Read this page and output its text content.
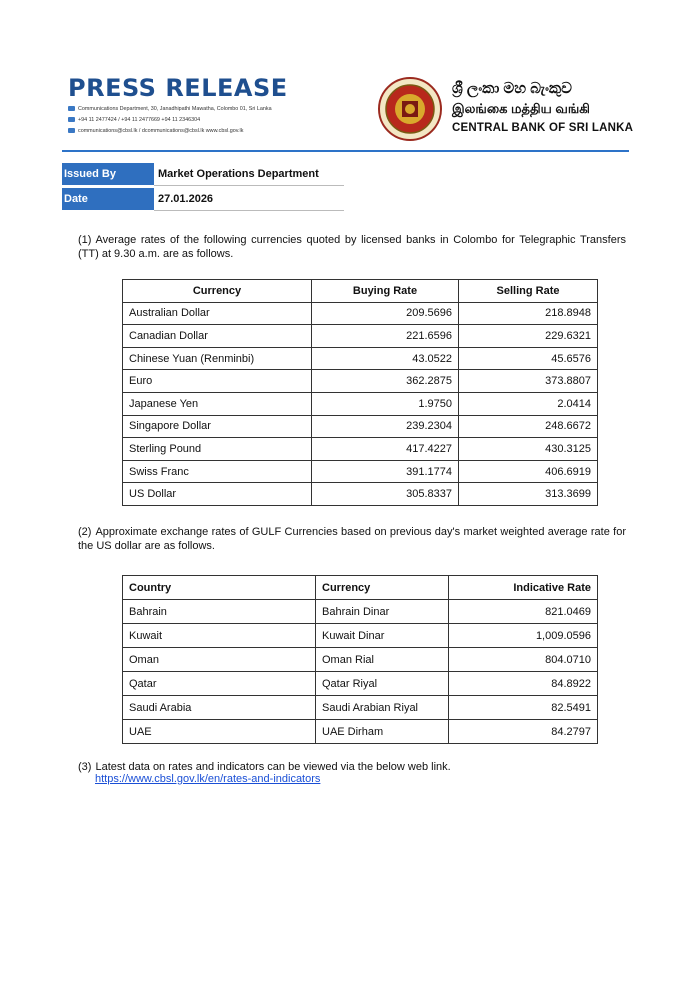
PRESS RELEASE
Communications Department, 30, Janadhipathi Mawatha, Colombo 01, Sri Lanka
+94 11 2477424 / +94 11 2477669 +94 11 2346304
communications@cbsl.lk / dcommunications@cbsl.lk www.cbsl.gov.lk
ශ්‍රී ලංකා මහ බැංකුව
இலங்கை மத்திய வங்கி
CENTRAL BANK OF SRI LANKA
Issued By	Market Operations Department
Date	27.01.2026
(1) Average rates of the following currencies quoted by licensed banks in Colombo for Telegraphic Transfers (TT) at 9.30 a.m. are as follows.
Currency	Buying Rate	Selling Rate
Australian Dollar	209.5696	218.8948
Canadian Dollar	221.6596	229.6321
Chinese Yuan (Renminbi)	43.0522	45.6576
Euro	362.2875	373.8807
Japanese Yen	1.9750	2.0414
Singapore Dollar	239.2304	248.6672
Sterling Pound	417.4227	430.3125
Swiss Franc	391.1774	406.6919
US Dollar	305.8337	313.3699
(2) Approximate exchange rates of GULF Currencies based on previous day's market weighted average rate for the US dollar are as follows.
Country	Currency	Indicative Rate
Bahrain	Bahrain Dinar	821.0469
Kuwait	Kuwait Dinar	1,009.0596
Oman	Oman Rial	804.0710
Qatar	Qatar Riyal	84.8922
Saudi Arabia	Saudi Arabian Riyal	82.5491
UAE	UAE Dirham	84.2797
(3) Latest data on rates and indicators can be viewed via the below web link.
https://www.cbsl.gov.lk/en/rates-and-indicators
